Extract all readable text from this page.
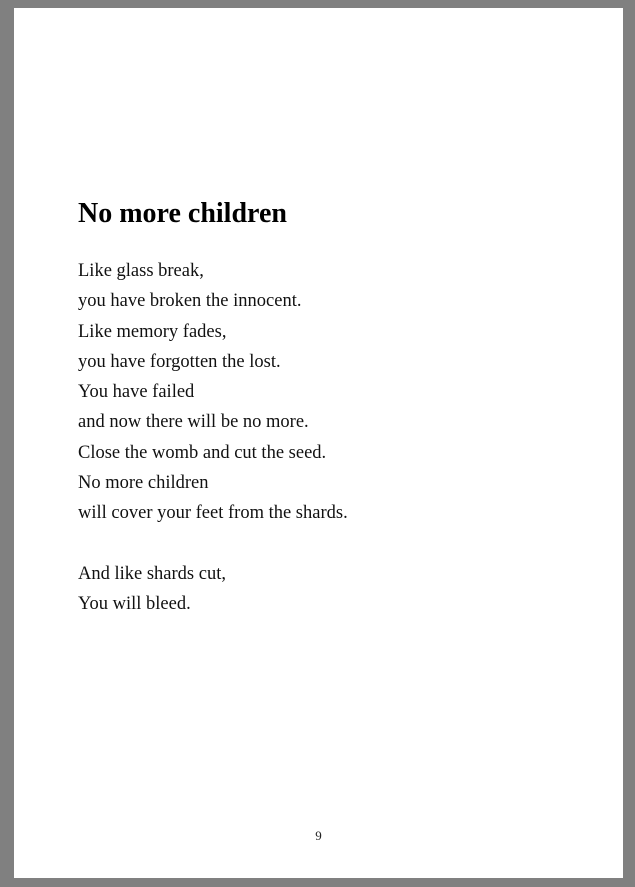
No more children
Like glass break,
you have broken the innocent.
Like memory fades,
you have forgotten the lost.
You have failed
and now there will be no more.
Close the womb and cut the seed.
No more children
will cover your feet from the shards.
And like shards cut,
You will bleed.
9
